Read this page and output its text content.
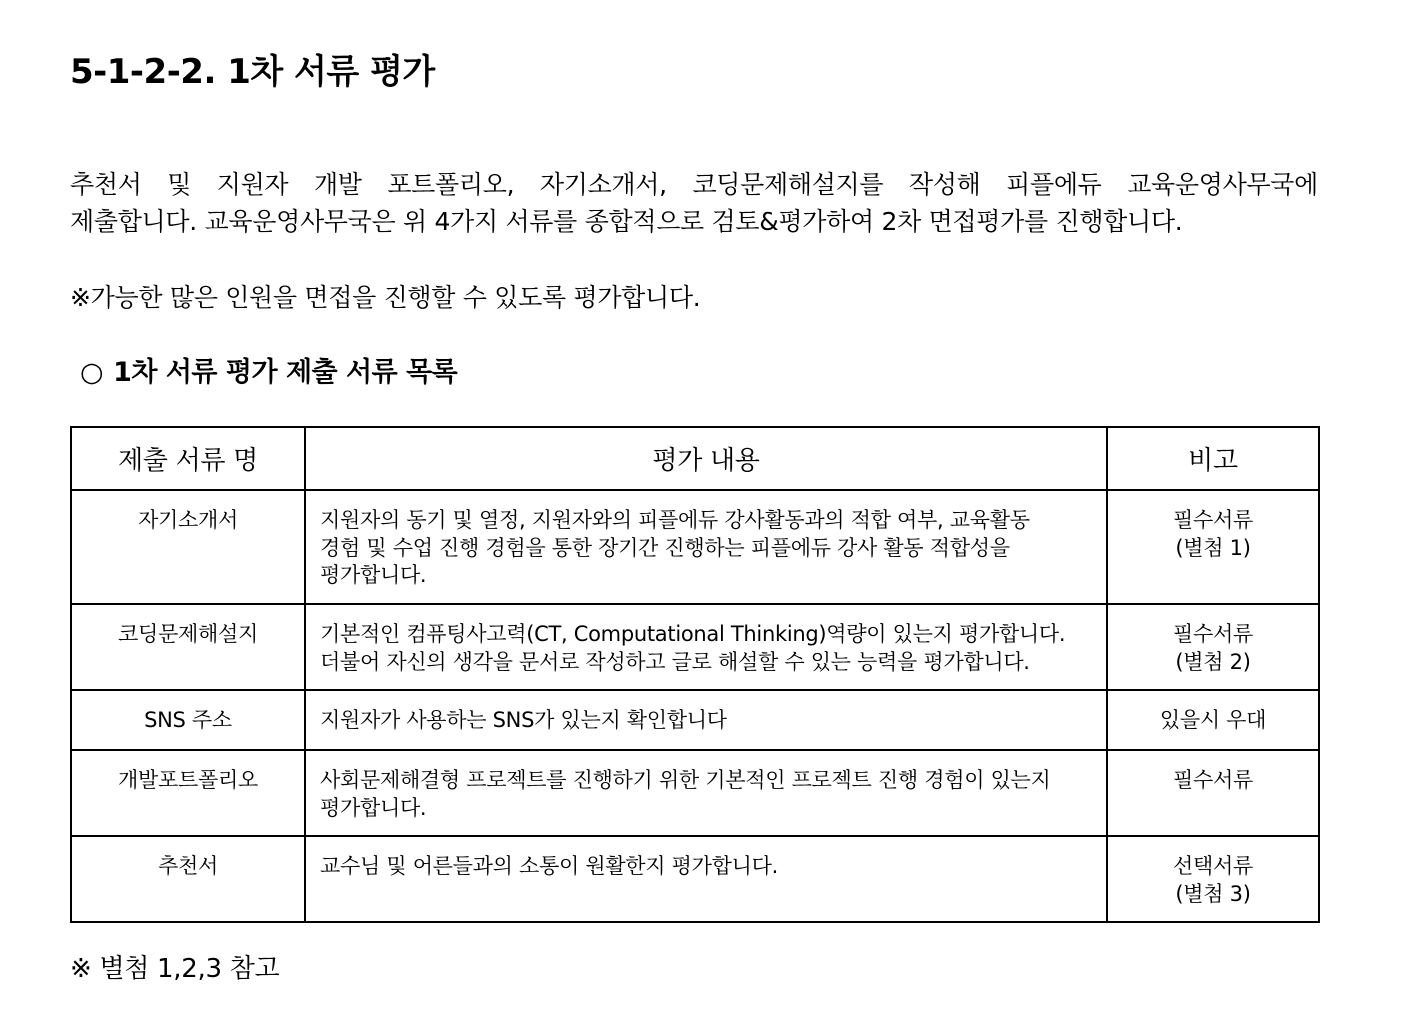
5-1-2-2. 1차 서류 평가

추천서 및 지원자 개발 포트폴리오, 자기소개서, 코딩문제해설지를 작성해 피플에듀 교육운영사무국에
제출합니다. 교육운영사무국은 위 4가지 서류를 종합적으로 검토&평가하여 2차 면접평가를 진행합니다.

※가능한 많은 인원을 면접을 진행할 수 있도록 평가합니다.

○ 1차 서류 평가 제출 서류 목록
제출 서류 명	평가 내용	비고
자기소개서	지원자의 동기 및 열정, 지원자와의 피플에듀 강사활동과의 적합 여부, 교육활동
경험 및 수업 진행 경험을 통한 장기간 진행하는 피플에듀 강사 활동 적합성을
평가합니다.	필수서류
(별첨 1)

코딩문제해설지	기본적인 컴퓨팅사고력(CT, Computational Thinking)역량이 있는지 평가합니다.
더불어 자신의 생각을 문서로 작성하고 글로 해설할 수 있는 능력을 평가합니다.	필수서류
(별첨 2)

SNS 주소	지원자가 사용하는 SNS가 있는지 확인합니다	있을시 우대

개발포트폴리오	사회문제해결형 프로젝트를 진행하기 위한 기본적인 프로젝트 진행 경험이 있는지
평가합니다.	필수서류

추천서	교수님 및 어른들과의 소통이 원활한지 평가합니다.	선택서류
(별첨 3)

※ 별첨 1,2,3 참고
